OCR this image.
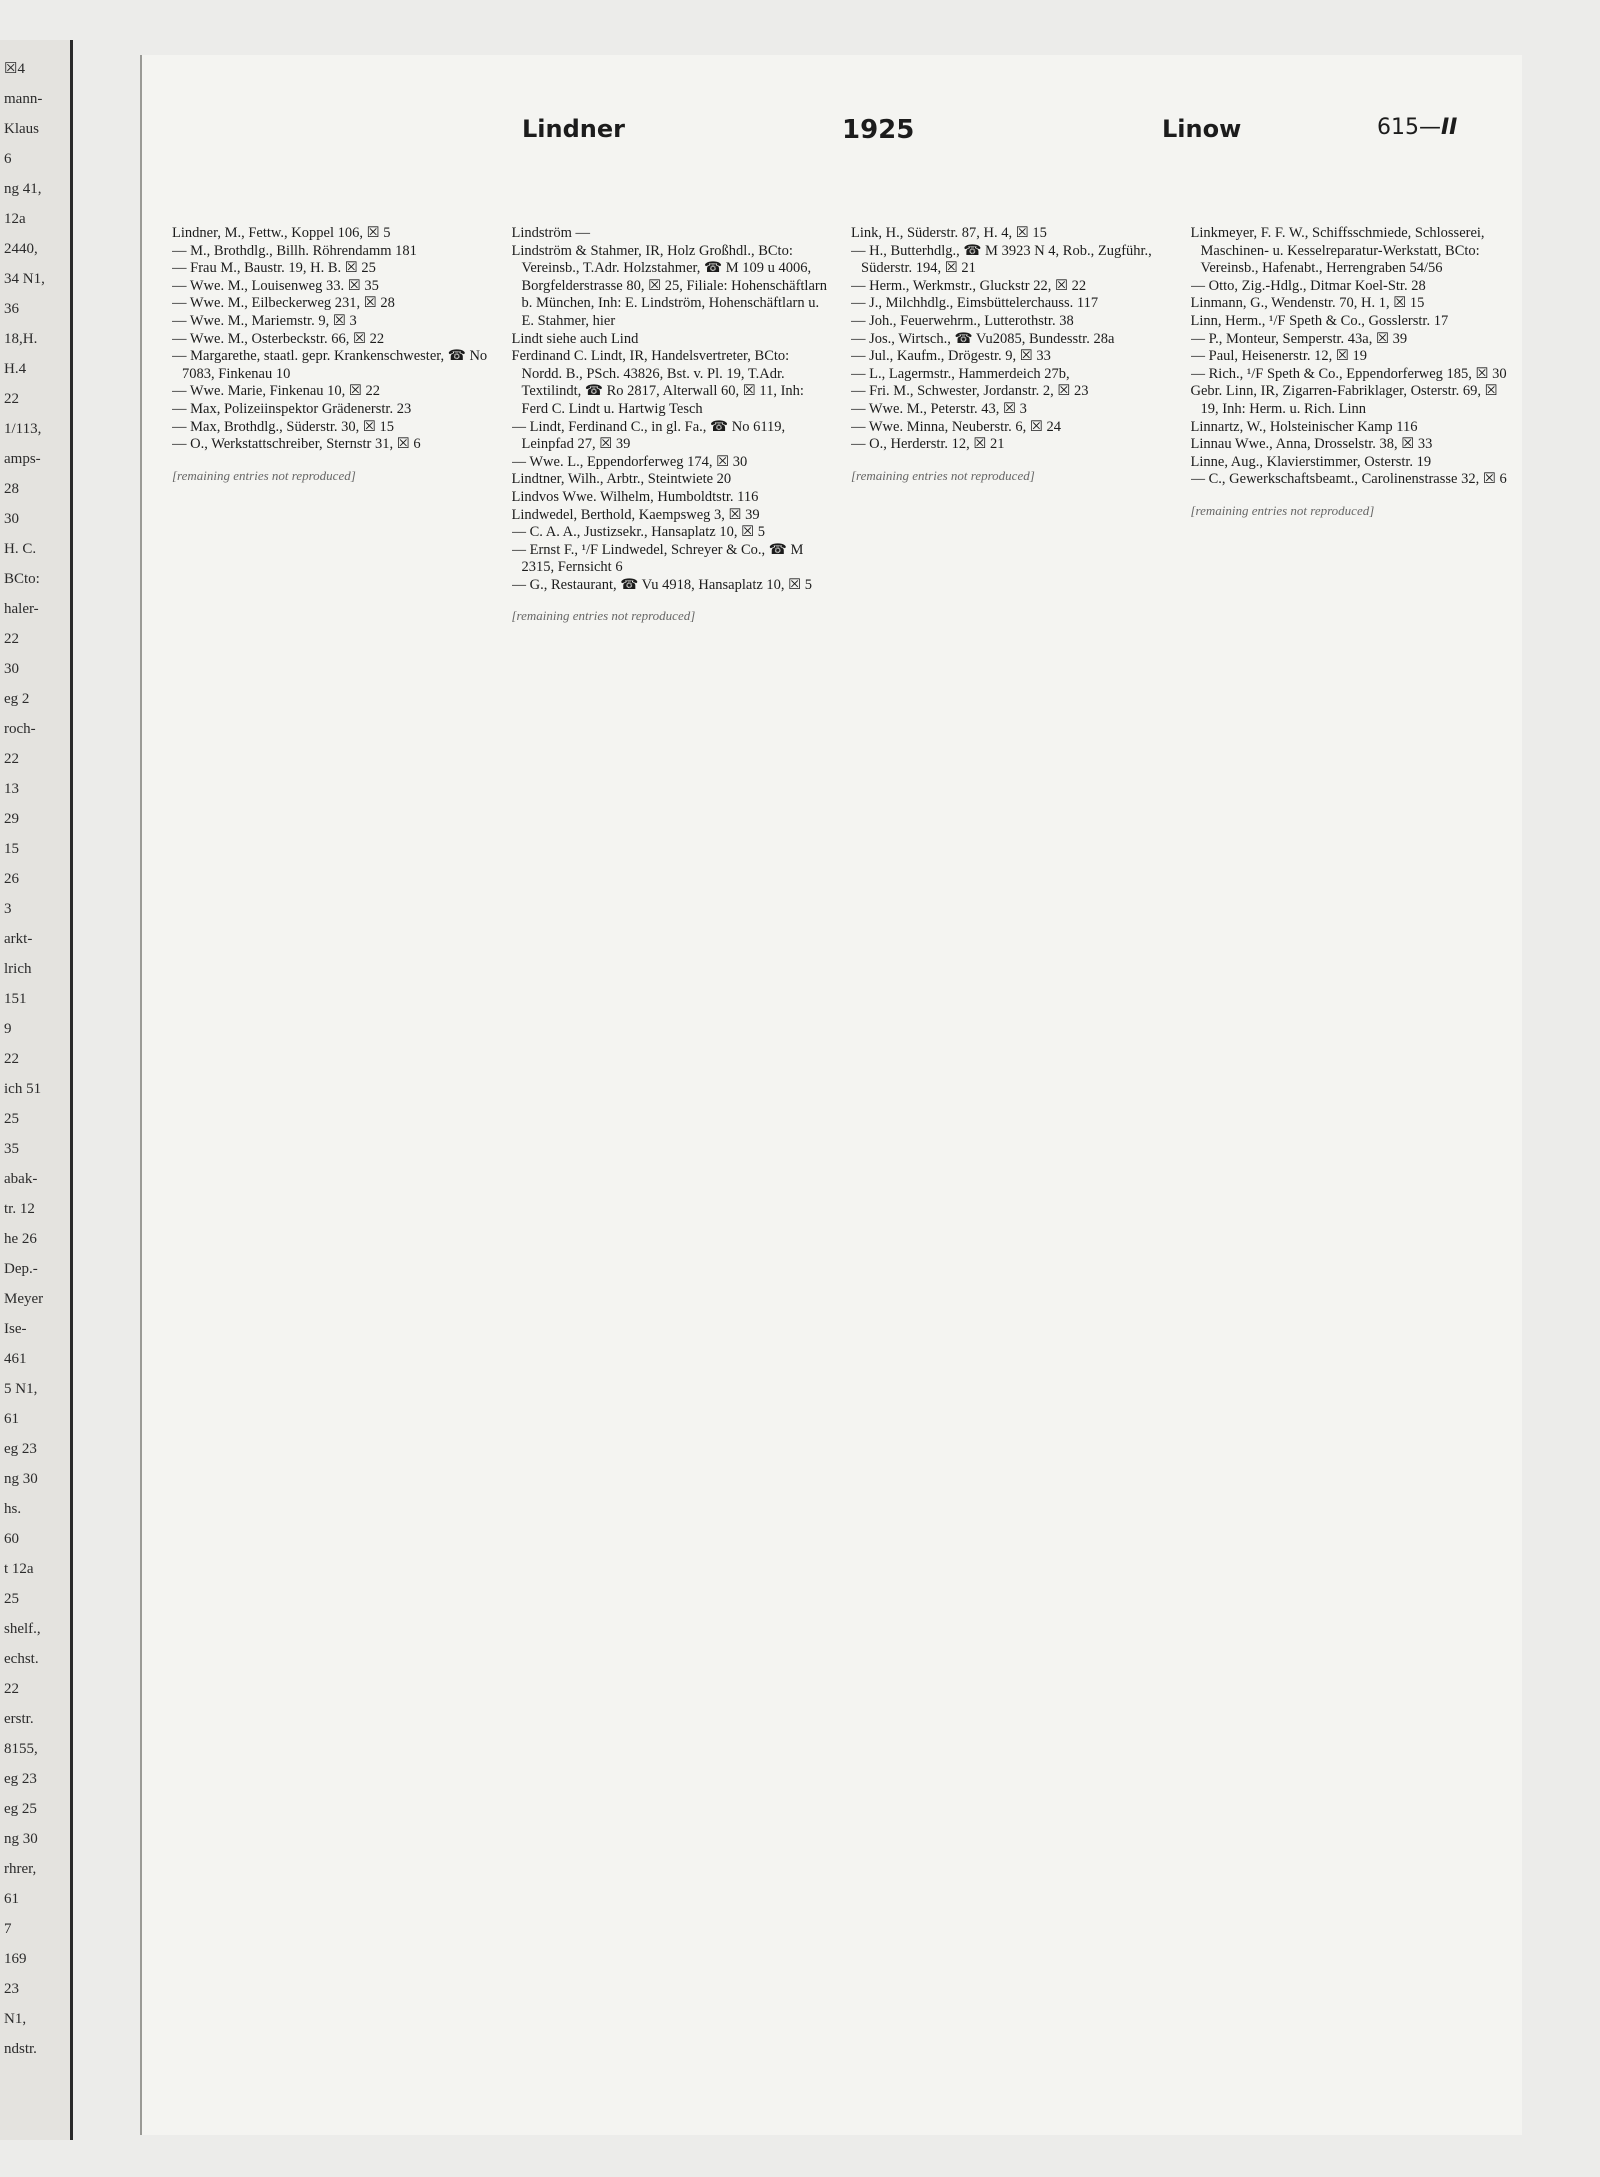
☒4
mann-
Klaus
6
ng 41,
12a
2440,
34 N1,
36
18,H.
H.4
22
1/113,
amps-
28
30
H. C.
BCto:
haler-
22
30
eg 2
roch-
22
13
29
15
26
3
arkt-
lrich
151
9
22
ich 51
25
35
abak-
tr. 12
he 26
Dep.-
Meyer
Ise-
461
5 N1,
61
eg 23
ng 30
hs.
60
t 12a
25
shelf.,
echst.
22
erstr.
8155,
eg 23
eg 25
ng 30
rhrer,
61
7
169
23
N1,
ndstr.
Lindner	1925	Linow	615—II

Lindner, M., Fettw., Koppel 106, ☒ 5

— M., Brothdlg., Billh. Röhrendamm 181

— Frau M., Baustr. 19, H. B. ☒ 25

— Wwe. M., Louisenweg 33. ☒ 35

— Wwe. M., Eilbeckerweg 231, ☒ 28

— Wwe. M., Mariemstr. 9, ☒ 3

— Wwe. M., Osterbeckstr. 66, ☒ 22

— Margarethe, staatl. gepr. Krankenschwester, ☎ No 7083, Finkenau 10

— Wwe. Marie, Finkenau 10, ☒ 22

— Max, Polizeiinspektor Grädenerstr. 23

— Max, Brothdlg., Süderstr. 30, ☒ 15

— O., Werkstattschreiber, Sternstr 31, ☒ 6

[remaining entries not reproduced]

Lindström —

Lindström & Stahmer, IR, Holz Großhdl., BCto: Vereinsb., T.Adr. Holzstahmer, ☎ M 109 u 4006, Borgfelderstrasse 80, ☒ 25, Filiale: Hohenschäftlarn b. München, Inh: E. Lindström, Hohenschäftlarn u. E. Stahmer, hier

Lindt siehe auch Lind

Ferdinand C. Lindt, IR, Handelsvertreter, BCto: Nordd. B., PSch. 43826, Bst. v. Pl. 19, T.Adr. Textilindt, ☎ Ro 2817, Alterwall 60, ☒ 11, Inh: Ferd C. Lindt u. Hartwig Tesch

— Lindt, Ferdinand C., in gl. Fa., ☎ No 6119, Leinpfad 27, ☒ 39

— Wwe. L., Eppendorferweg 174, ☒ 30

Lindtner, Wilh., Arbtr., Steintwiete 20

Lindvos Wwe. Wilhelm, Humboldtstr. 116

Lindwedel, Berthold, Kaempsweg 3, ☒ 39

— C. A. A., Justizsekr., Hansaplatz 10, ☒ 5

— Ernst F., ¹/F Lindwedel, Schreyer & Co., ☎ M 2315, Fernsicht 6

— G., Restaurant, ☎ Vu 4918, Hansaplatz 10, ☒ 5

[remaining entries not reproduced]

Link, H., Süderstr. 87, H. 4, ☒ 15

— H., Butterhdlg., ☎ M 3923 N 4, Rob., Zugführ., Süderstr. 194, ☒ 21

— Herm., Werkmstr., Gluckstr 22, ☒ 22

— J., Milchhdlg., Eimsbüttelerchauss. 117

— Joh., Feuerwehrm., Lutterothstr. 38

— Jos., Wirtsch., ☎ Vu2085, Bundesstr. 28a

— Jul., Kaufm., Drögestr. 9, ☒ 33

— L., Lagermstr., Hammerdeich 27b,

— Fri. M., Schwester, Jordanstr. 2, ☒ 23

— Wwe. M., Peterstr. 43, ☒ 3

— Wwe. Minna, Neuberstr. 6, ☒ 24

— O., Herderstr. 12, ☒ 21

[remaining entries not reproduced]

Linkmeyer, F. F. W., Schiffsschmiede, Schlosserei, Maschinen- u. Kesselreparatur-Werkstatt, BCto: Vereinsb., Hafenabt., Herrengraben 54/56

— Otto, Zig.-Hdlg., Ditmar Koel-Str. 28

Linmann, G., Wendenstr. 70, H. 1, ☒ 15

Linn, Herm., ¹/F Speth & Co., Gosslerstr. 17

— P., Monteur, Semperstr. 43a, ☒ 39

— Paul, Heisenerstr. 12, ☒ 19

— Rich., ¹/F Speth & Co., Eppendorferweg 185, ☒ 30

Gebr. Linn, IR, Zigarren-Fabriklager, Osterstr. 69, ☒ 19, Inh: Herm. u. Rich. Linn

Linnartz, W., Holsteinischer Kamp 116

Linnau Wwe., Anna, Drosselstr. 38, ☒ 33

Linne, Aug., Klavierstimmer, Osterstr. 19

— C., Gewerkschaftsbeamt., Carolinenstrasse 32, ☒ 6

[remaining entries not reproduced]
